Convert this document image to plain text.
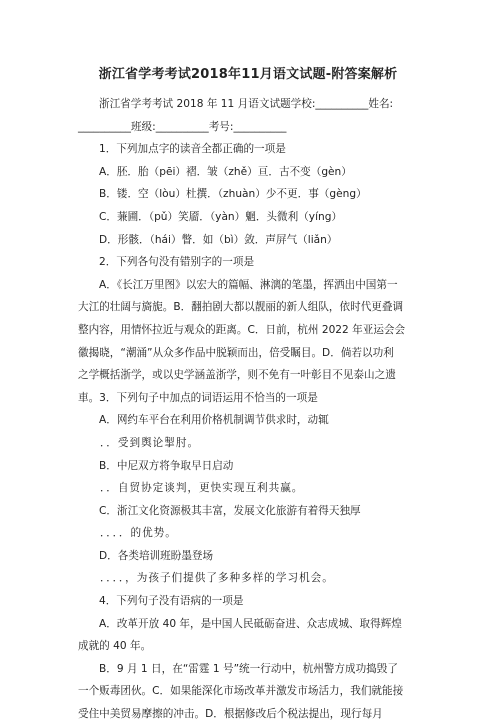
浙江省学考考试2018年11月语文试题-附答案解析
浙江省学考考试 2018 年 11 月语文试题学校:__________姓名:
__________班级:__________考号:__________
1．下列加点字的读音全都正确的一项是
A．胚．胎（pēi）褶．皱（zhě）亘．古不变（gèn）
B．镂．空（lòu）杜撰．（zhuàn）少不更．事（gèng）
C．蒹圃．（pǔ）笑靥．（yàn）魍．头微利（yíng）
D．形骸．（hái）瞥．如（bì）敛．声屏气（liǎn）
2．下列各句没有错别字的一项是
A．《长江万里图》以宏大的篇幅、淋漓的笔墨，挥洒出中国第一
大江的壮阔与旖旎。B．翻拍剧大都以靓丽的新人组队，依时代更叠调
整内容，用情怀拉近与观众的距离。C．日前，杭州 2022 年亚运会会
徽揭晓，“潮涌”从众多作品中脱颖而出，倍受瞩目。D．倘若以功利
之学概括浙学，或以史学涵盖浙学，则不免有一叶彰目不见泰山之遗
車。3．下列句子中加点的词语运用不恰当的一项是
A．网约车平台在利用价格机制调节供求时，动辄
．．受到舆论掣肘。
B．中尼双方将争取早日启动
．．自贸协定谈判，更快实现互利共赢。
C．浙江文化资源极其丰富，发展文化旅游有着得天独厚
．．．．的优势。
D．各类培训班盼墨登场
．．．．，为孩子们提供了多种多样的学习机会。
4．下列句子没有语病的一项是
A．改革开放 40 年，是中国人民砥砺奋进、众志成城、取得辉煌
成就的 40 年。
B．9 月 1 日，在“雷霆 1 号”统一行动中，杭州警方成功捣毁了
一个贩毒团伙。C．如果能深化市场改革并激发市场活力，我们就能接
受住中美贸易摩擦的冲击。D．根据修改后个税法提出，现行每月
